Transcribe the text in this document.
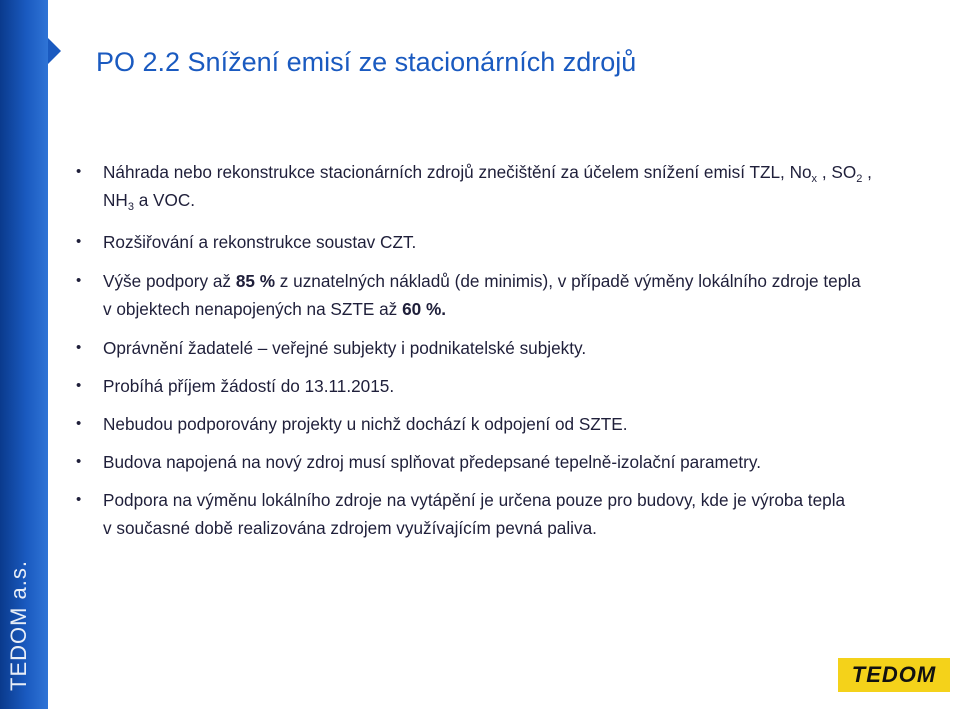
TEDOM a.s.
PO 2.2 Snížení emisí ze stacionárních zdrojů
• Náhrada nebo rekonstrukce stacionárních zdrojů znečištění za účelem snížení emisí TZL, $No_x$ , $SO_2$ ,
$NH_3$ a VOC.
• Rozšiřování a rekonstrukce soustav CZT.
• Výše podpory až 85 % z uznatelných nákladů (de minimis), v případě výměny lokálního zdroje tepla
v objektech nenapojených na SZTE až 60 %.
• Oprávnění žadatelé – veřejné subjekty i podnikatelské subjekty.
• Probíhá příjem žádostí do 13.11.2015.
• Nebudou podporovány projekty u nichž dochází k odpojení od SZTE.
• Budova napojená na nový zdroj musí splňovat předepsané tepelně-izolační parametry.
• Podpora na výměnu lokálního zdroje na vytápění je určena pouze pro budovy, kde je výroba tepla
v současné době realizována zdrojem využívajícím pevná paliva.
TEDOM
